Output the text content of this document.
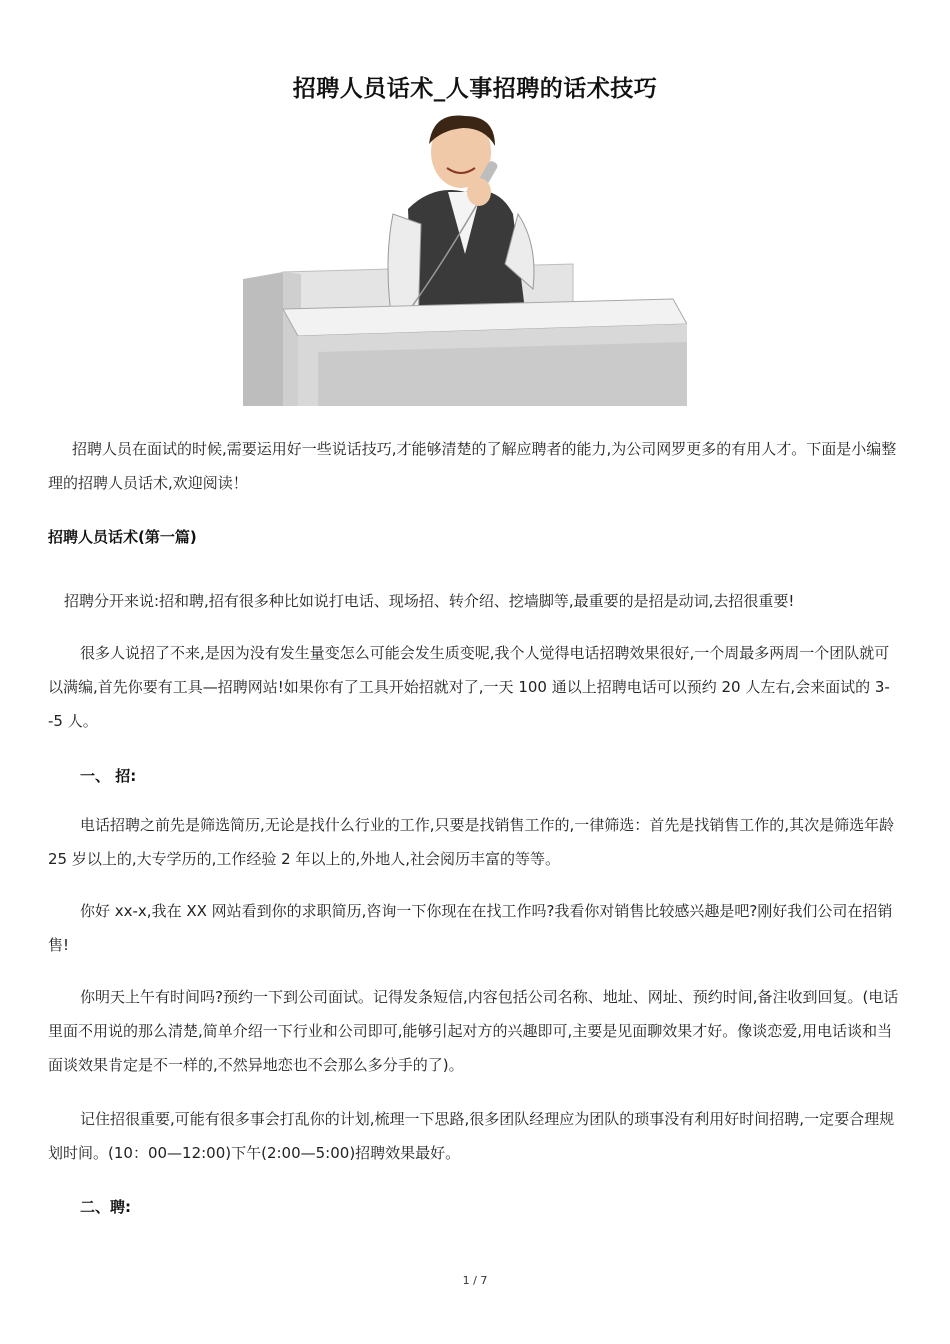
招聘人员话术_人事招聘的话术技巧

招聘人员在面试的时候,需要运用好一些说话技巧,才能够清楚的了解应聘者的能力,为公司网罗更多的有用人才。下面是小编整理的招聘人员话术,欢迎阅读！

招聘人员话术(第一篇)

招聘分开来说:招和聘,招有很多种比如说打电话、现场招、转介绍、挖墙脚等,最重要的是招是动词,去招很重要!

很多人说招了不来,是因为没有发生量变怎么可能会发生质变呢,我个人觉得电话招聘效果很好,一个周最多两周一个团队就可以满编,首先你要有工具—招聘网站!如果你有了工具开始招就对了,一天 100 通以上招聘电话可以预约 20 人左右,会来面试的 3--5 人。

一、 招:

电话招聘之前先是筛选简历,无论是找什么行业的工作,只要是找销售工作的,一律筛选：首先是找销售工作的,其次是筛选年龄 25 岁以上的,大专学历的,工作经验 2 年以上的,外地人,社会阅历丰富的等等。

你好 xx-x,我在 XX 网站看到你的求职简历,咨询一下你现在在找工作吗?我看你对销售比较感兴趣是吧?刚好我们公司在招销售!

你明天上午有时间吗?预约一下到公司面试。记得发条短信,内容包括公司名称、地址、网址、预约时间,备注收到回复。(电话里面不用说的那么清楚,简单介绍一下行业和公司即可,能够引起对方的兴趣即可,主要是见面聊效果才好。像谈恋爱,用电话谈和当面谈效果肯定是不一样的,不然异地恋也不会那么多分手的了)。

记住招很重要,可能有很多事会打乱你的计划,梳理一下思路,很多团队经理应为团队的琐事没有利用好时间招聘,一定要合理规划时间。(10：00—12:00)下午(2:00—5:00)招聘效果最好。

二、聘:
1 / 7
